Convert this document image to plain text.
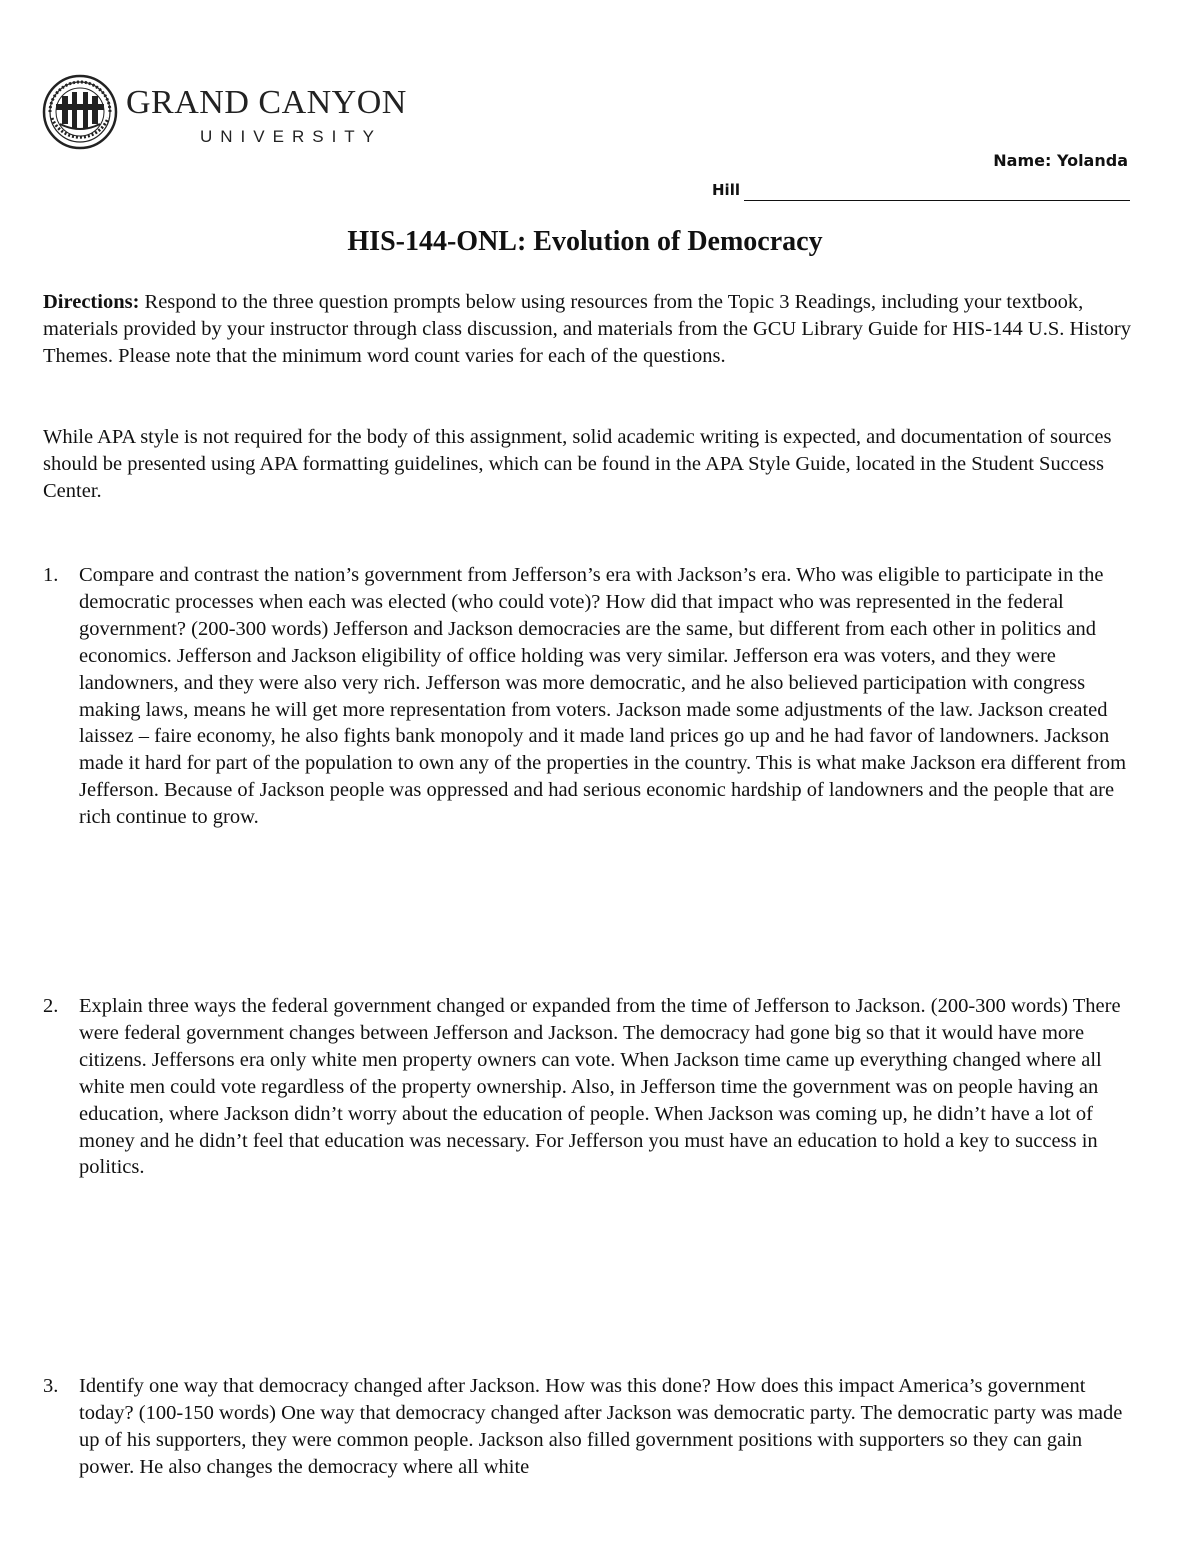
GRAND CANYON
UNIVERSITY
Name: Yolanda
Hill
HIS-144-ONL: Evolution of Democracy

Directions: Respond to the three question prompts below using resources from the Topic 3 Readings, including your textbook, materials provided by your instructor through class discussion, and materials from the GCU Library Guide for HIS-144 U.S. History Themes. Please note that the minimum word count varies for each of the questions.

While APA style is not required for the body of this assignment, solid academic writing is expected, and documentation of sources should be presented using APA formatting guidelines, which can be found in the APA Style Guide, located in the Student Success Center.

1. Compare and contrast the nation’s government from Jefferson’s era with Jackson’s era. Who was eligible to participate in the democratic processes when each was elected (who could vote)? How did that impact who was represented in the federal government? (200-300 words) Jefferson and Jackson democracies are the same, but different from each other in politics and economics. Jefferson and Jackson eligibility of office holding was very similar. Jefferson era was voters, and they were landowners, and they were also very rich. Jefferson was more democratic, and he also believed participation with congress making laws, means he will get more representation from voters. Jackson made some adjustments of the law. Jackson created laissez – faire economy, he also fights bank monopoly and it made land prices go up and he had favor of landowners. Jackson made it hard for part of the population to own any of the properties in the country. This is what make Jackson era different from Jefferson. Because of Jackson people was oppressed and had serious economic hardship of landowners and the people that are rich continue to grow.

2. Explain three ways the federal government changed or expanded from the time of Jefferson to Jackson. (200-300 words) There were federal government changes between Jefferson and Jackson. The democracy had gone big so that it would have more citizens. Jeffersons era only white men property owners can vote. When Jackson time came up everything changed where all white men could vote regardless of the property ownership. Also, in Jefferson time the government was on people having an education, where Jackson didn’t worry about the education of people. When Jackson was coming up, he didn’t have a lot of money and he didn’t feel that education was necessary. For Jefferson you must have an education to hold a key to success in politics.

3. Identify one way that democracy changed after Jackson. How was this done? How does this impact America’s government today? (100-150 words) One way that democracy changed after Jackson was democratic party. The democratic party was made up of his supporters, they were common people. Jackson also filled government positions with supporters so they can gain power. He also changes the democracy where all white
